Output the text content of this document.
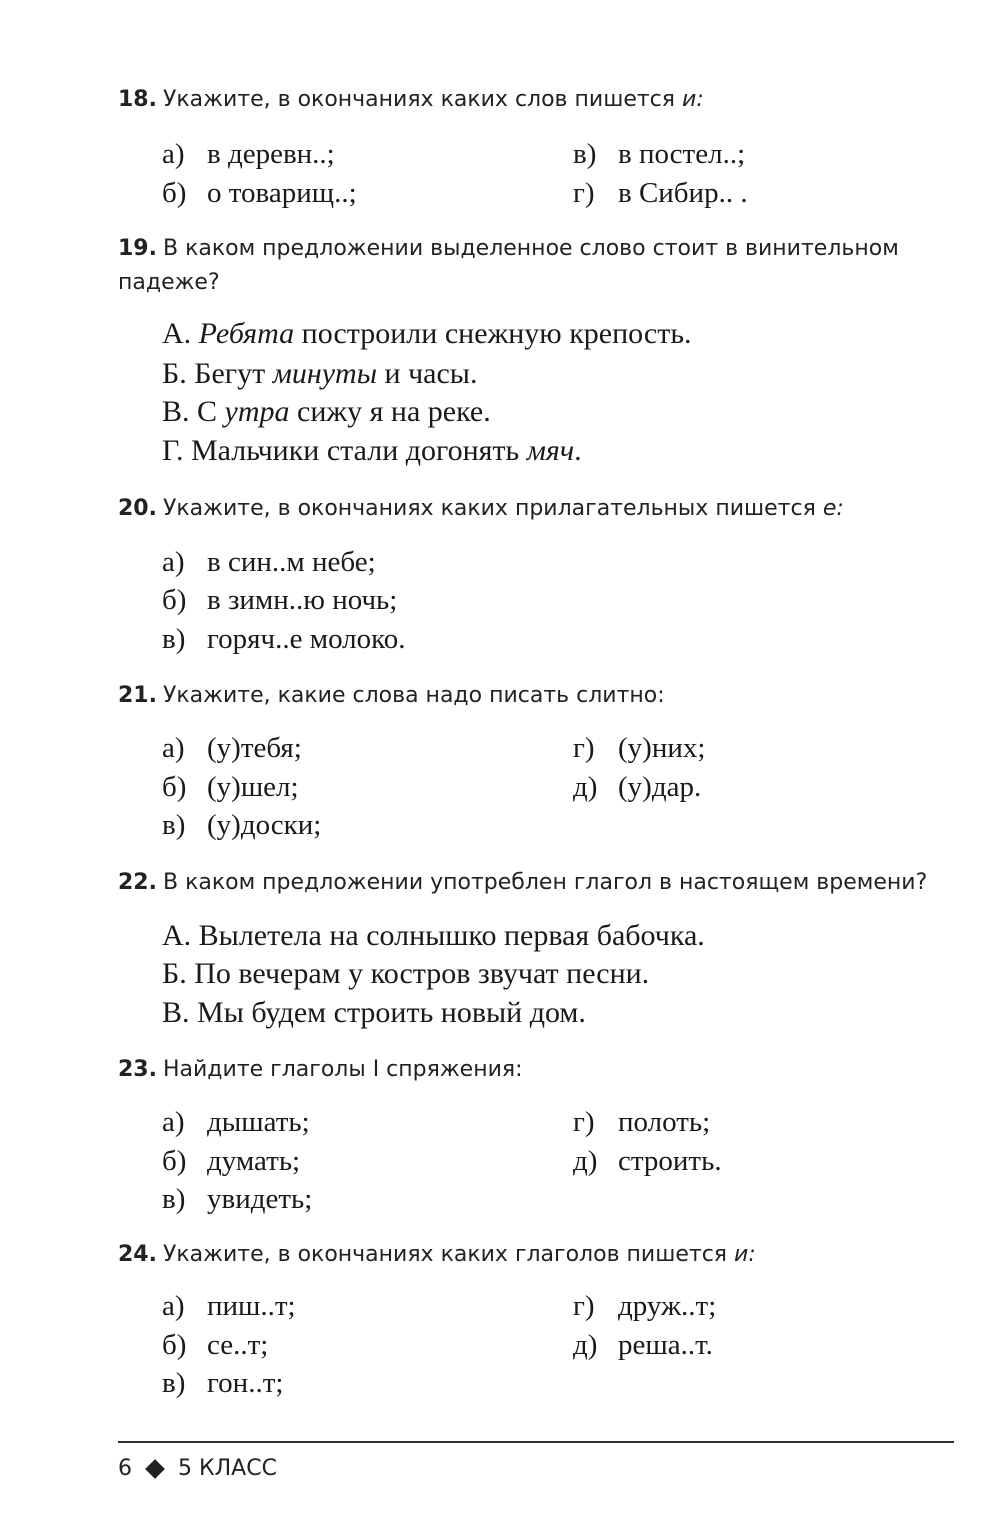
18. Укажите, в окончаниях каких слов пишется и:
а) в деревн..;
б) о товарищ..;
в) в постел..;
г) в Сибир.. .
19. В каком предложении выделенное слово стоит в винительном падеже?
А. Ребята построили снежную крепость.
Б. Бегут минуты и часы.
В. С утра сижу я на реке.
Г. Мальчики стали догонять мяч.
20. Укажите, в окончаниях каких прилагательных пишется е:
а) в син..м небе;
б) в зимн..ю ночь;
в) горяч..е молоко.
21. Укажите, какие слова надо писать слитно:
а) (у)тебя;
б) (у)шел;
в) (у)доски;
г) (у)них;
д) (у)дар.
22. В каком предложении употреблен глагол в настоящем времени?
А. Вылетела на солнышко первая бабочка.
Б. По вечерам у костров звучат песни.
В. Мы будем строить новый дом.
23. Найдите глаголы I спряжения:
а) дышать;
б) думать;
в) увидеть;
г) полоть;
д) строить.
24. Укажите, в окончаниях каких глаголов пишется и:
а) пиш..т;
б) се..т;
в) гон..т;
г) друж..т;
д) реша..т.
6 5 КЛАСС
